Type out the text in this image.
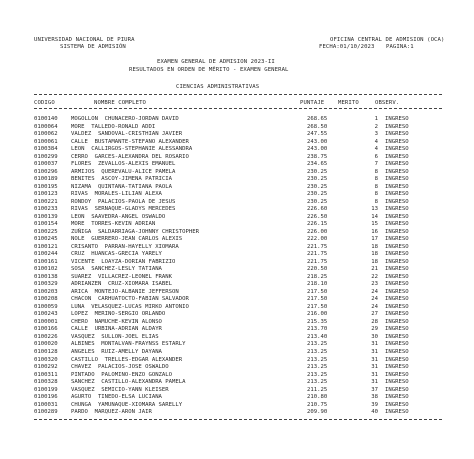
UNIVERSIDAD NACIONAL DE PIURA	OFICINA CENTRAL DE ADMISION (OCA)
SISTEMA DE ADMISIÓN	FECHA:01/10/2023 PAGINA:1
EXAMEN GENERAL DE ADMISION 2023-II
RESULTADOS EN ORDEN DE MÉRITO - EXAMEN GENERAL
CIENCIAS ADMINISTRATIVAS
CODIGO	NOMBRE COMPLETO	PUNTAJE MERITO	OBSERV.
0100140 MOGOLLON  CHUNACERO-JORDAN DAVID	268.65	1 INGRESO
0100064 MORE  TALLEDO-RONALD ADDI	268.50	2 INGRESO
0100062 VALDEZ  SANDOVAL-CRISTHIAN JAVIER	247.55	3 INGRESO
0100061 CALLE  BUSTAMANTE-STEFANO ALEXANDER	243.00	4 INGRESO
0100384 LEON  CALLIRGOS-STEPHANIE ALESSANDRA	243.00	4 INGRESO
0100299 CERRO  GARCES-ALEXANDRA DEL ROSARIO	238.75	6 INGRESO
0100037 FLORES  ZEVALLOS-ALEXIS EMANUEL	234.65	7 INGRESO
0100296 ARMIJOS  QUEREVALU-ALICE PAMELA	230.25	8 INGRESO
0100189 BENITES  ASCOY-JIMENA PATRICIA	230.25	8 INGRESO
0100195 NIZAMA  QUINTANA-TATIANA PAOLA	230.25	8 INGRESO
0100123 RIVAS  MORALES-LILIAN ALEXA	230.25	8 INGRESO
0100221 RONDOY  PALACIOS-PAOLA DE JESUS	230.25	8 INGRESO
0100233 RIVAS  SERNAQUE-GLADYS MERCEDES	226.60	13 INGRESO
0100139 LEON  SAAVEDRA-ANGEL OSWALDO	226.50	14 INGRESO
0100154 MORE  TORRES-KEVIN ADRIAN	226.15	15 INGRESO
0100225 ZUÑIGA  SALDARRIAGA-JOHNNY CHRISTOPHER	226.00	16 INGRESO
0100245 NOLE  GUERRERO-JEAN CARLOS ALEXIS	222.00	17 INGRESO
0100121 CRISANTO  PARRAN-HAYELLY XIOMARA	221.75	18 INGRESO
0100244 CRUZ  HUANCAS-GRECIA YARELY	221.75	18 INGRESO
0100161 VICENTE  LOAYZA-DORIAN FABRIZIO	221.75	18 INGRESO
0100102 SOSA  SANCHEZ-LESLY TATIANA	220.50	21 INGRESO
0100138 SUAREZ  VILLACREZ-LEONEL FRANK	218.25	22 INGRESO
0100329 ADRIANZEN  CRUZ-XIOMARA ISABEL	218.10	23 INGRESO
0100203 ARICA  MONTEJO-ALBANIE JEFFERSON	217.50	24 INGRESO
0100208 CHACON  CARHUATOCTO-FABIAN SALVADOR	217.50	24 INGRESO
0100059 LUNA  VELASQUEZ-LUCAS MIRKO ANTONIO	217.50	24 INGRESO
0100243 LOPEZ  MERINO-SERGIO ORLANDO	216.00	27 INGRESO
0100001 CHERO  NAMUCHE-KEVIN ALONSO	215.35	28 INGRESO
0100166 CALLE  URBINA-ADRIAN ALDAYR	213.70	29 INGRESO
0100226 VASQUEZ  SULLON-JOEL ELIAS	213.40	30 INGRESO
0100020 ALBINES  MONTALVAN-FRAYNSS ESTARLY	213.25	31 INGRESO
0100128 ANGELES  RUIZ-AMELLY DAYANA	213.25	31 INGRESO
0100320 CASTILLO  TRELLES-EDGAR ALEXANDER	213.25	31 INGRESO
0100292 CHAVEZ  PALACIOS-JOSE OSWALDO	213.25	31 INGRESO
0100311 PINTADO  PALOMINO-ENZO GONZALO	213.25	31 INGRESO
0100328 SANCHEZ  CASTILLO-ALEXANDRA PAMELA	213.25	31 INGRESO
0100199 VASQUEZ  SEMICIO-YANN KLEISER	211.25	37 INGRESO
0100196 AGURTO  TINEDO-ELSA LUCIANA	210.80	38 INGRESO
0100031 CHUNGA  YAMUNAQUE-XIOMARA SARELLY	210.75	39 INGRESO
0100289 PARDO  MARQUEZ-ARON JAIR	209.90	40 INGRESO
